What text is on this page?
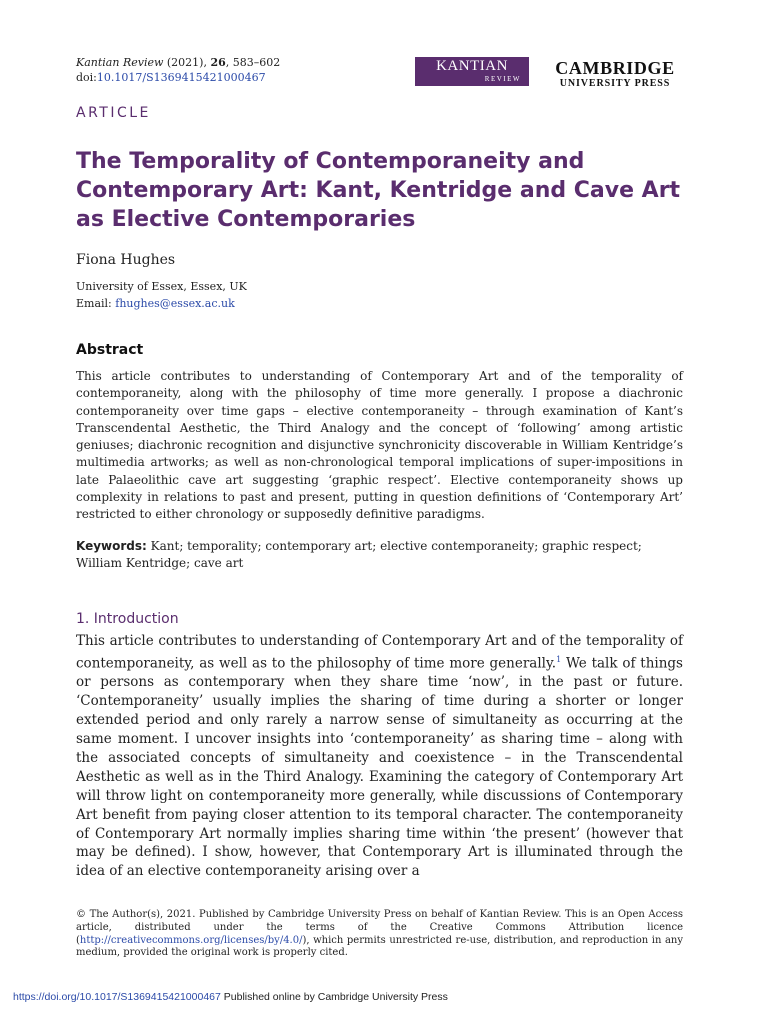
Kantian Review (2021), 26, 583–602
doi:10.1017/S1369415421000467
KANTIAN
REVIEW
CAMBRIDGE
UNIVERSITY PRESS
ARTICLE
The Temporality of Contemporaneity and Contemporary Art: Kant, Kentridge and Cave Art as Elective Contemporaries
Fiona Hughes
University of Essex, Essex, UK
Email: fhughes@essex.ac.uk
Abstract

This article contributes to understanding of Contemporary Art and of the temporality of contemporaneity, along with the philosophy of time more generally. I propose a diachronic contemporaneity over time gaps – elective contemporaneity – through examination of Kant’s Transcendental Aesthetic, the Third Analogy and the concept of ‘following’ among artistic geniuses; diachronic recognition and disjunctive synchronicity discoverable in William Kentridge’s multimedia artworks; as well as non-chronological temporal implications of super-impositions in late Palaeolithic cave art suggesting ‘graphic respect’. Elective contemporaneity shows up complexity in relations to past and present, putting in question definitions of ‘Contemporary Art’ restricted to either chronology or supposedly definitive paradigms.

Keywords: Kant; temporality; contemporary art; elective contemporaneity; graphic respect; William Kentridge; cave art

1. Introduction

This article contributes to understanding of Contemporary Art and of the temporality of contemporaneity, as well as to the philosophy of time more generally.$^1$ We talk of things or persons as contemporary when they share time ‘now’, in the past or future. ‘Contemporaneity’ usually implies the sharing of time during a shorter or longer extended period and only rarely a narrow sense of simultaneity as occurring at the same moment. I uncover insights into ‘contemporaneity’ as sharing time – along with the associated concepts of simultaneity and coexistence – in the Transcendental Aesthetic as well as in the Third Analogy. Examining the category of Contemporary Art will throw light on contemporaneity more generally, while discussions of Contemporary Art benefit from paying closer attention to its temporal character. The contemporaneity of Contemporary Art normally implies sharing time within ‘the present’ (however that may be defined). I show, however, that Contemporary Art is illuminated through the idea of an elective contemporaneity arising over a

© The Author(s), 2021. Published by Cambridge University Press on behalf of Kantian Review. This is an Open Access article, distributed under the terms of the Creative Commons Attribution licence (http://creativecommons.org/licenses/by/4.0/), which permits unrestricted re-use, distribution, and reproduction in any medium, provided the original work is properly cited.

https://doi.org/10.1017/S1369415421000467 Published online by Cambridge University Press
